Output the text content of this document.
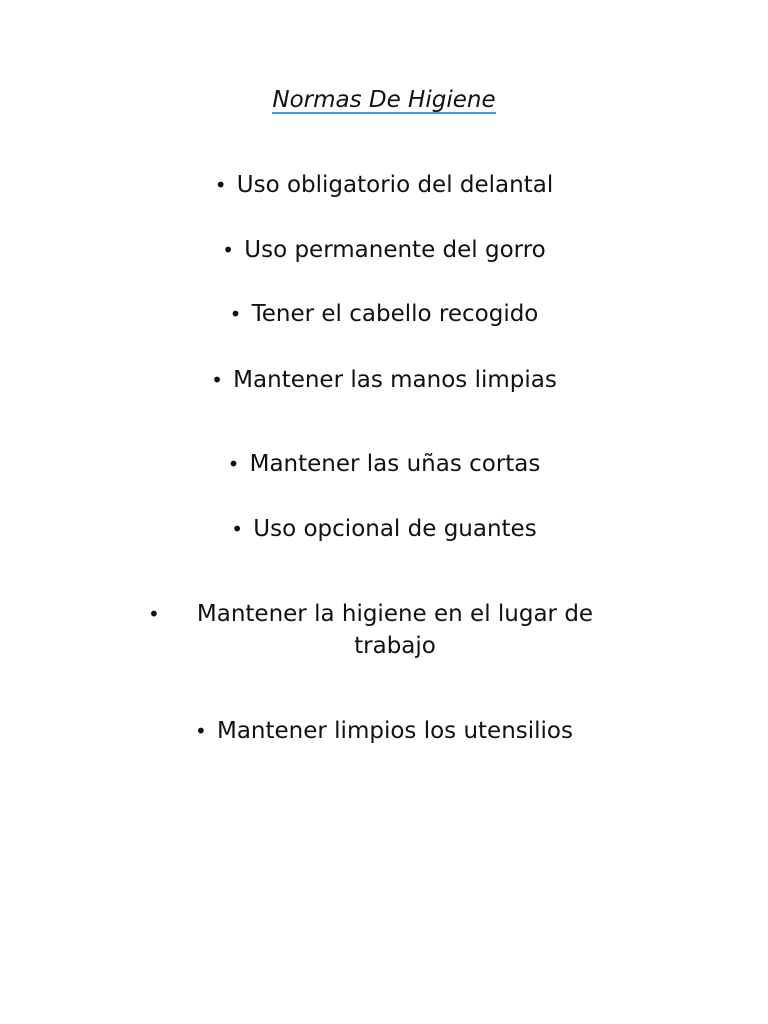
Normas De Higiene
• Uso obligatorio del delantal
• Uso permanente del gorro
• Tener el cabello recogido
• Mantener las manos limpias
• Mantener las uñas cortas
• Uso opcional de guantes
•	Mantener la higiene en el lugar de trabajo
• Mantener limpios los utensilios
